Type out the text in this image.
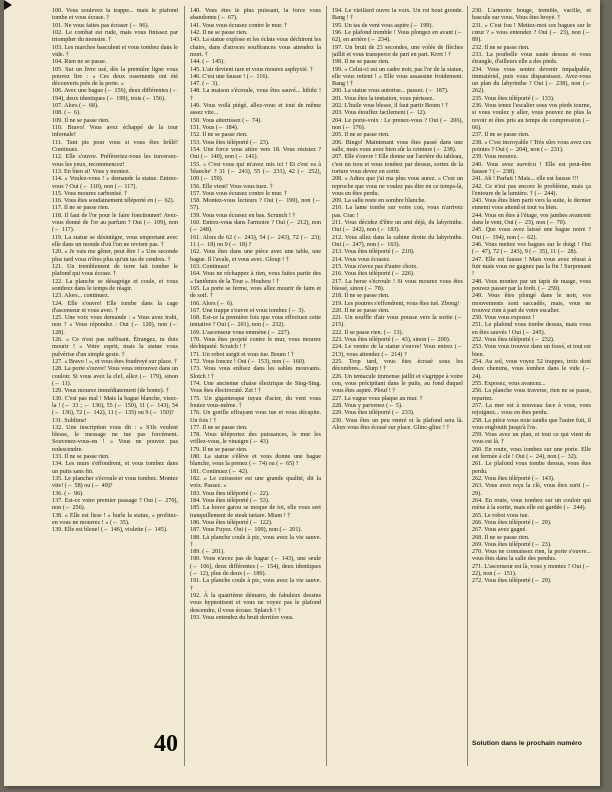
100. Vous soulevez la trappe... mais le plafond tombe et vous écrase. †

101. Ne vous faites pas écraser (← 96).

102. Le combat est rude, mais vous finissez par triompher du monstre. †

103. Les marches basculent et vous tombez dans le vide. †

104. Rien ne se passe.

105. Sur un livre usé, dès la première ligne vous pouvez lire : « Ces deux ossements ont été découverts près de la porte. »

106. Avec une bague (← 156), deux différentes (← 194), deux identiques (← 199), trois (← 156).

107. Alors (← 68).

108. (← 6).

109. Il ne se passe rien.

110. Bravo! Vous avez échappé de la tour infernale!

111. Tant pis pour vous si vous êtes brûlé! Continuez.

112. Elle s'ouvre. Préfèreriez-vous les traversez-vous les yeux, recommencez!

113. En bien si! Vous y montez.

114. « Voulez-vous ! » demande la statue. Entrez-vous ? Oui (← 110), non (← 117).

115. Vous mourez carbonisé. †

116. Vous êtes soudainement téléporté en (← 62).

117. Il ne se passe rien.

118. Il faut de l'or pour le faire fonctionner! Avez-vous donné de l'or au parfum ? Oui (← 109), non (← 117).

119. La statue se désintègre, vous emportant avec elle dans un monde d'où l'on ne revient pas. †

120. « Je vais me gêner, peut être ! » Une seconde plus tard vous n'êtes plus qu'un tas de cendres. †

121. Un tremblement de terre fait tomber le plafond qui vous écrase. †

122. La planche se désagrège et coule, et vous sombrez dans le temps de réagir.

123. Alors... continuez.

124. Elle s'ouvre! Elle tombe dans la cage d'ascenseur et vous avec. †

125. Une voix vous demande : « Vous avez trahi, non ? » Vous répondez : Oui (← 120), non (← 128).

126. « Ce n'est pas suffisant. Étrangez, tu dois mourir ! » Votre esprit, mais la statue vous pulvérise d'un simple geste. †

127. « Bravo ! », et vous êtes foudroyé sur place. †

128. La porte s'ouvre! Vous vous retrouvez dans un couloir. Si vous avez la clef, allez (← 179), sinon (← 11).

129. Vous mourez immédiatement (de honte). †

130. C'est pas mal ! Mais la bague blanche, visez-la ! (← 33 ; ← 136), 55 (← 150), 11 (← 143), 54 (← 136), 72 (← 142), 11 (← 135) ou 9 (← 150)?

131. Sublime!

132. Une inscription vous dit : « S'ils veulent blesse, le message ne tue pas forcément. Souvenez-vous-en ! » Vous ne pouvez pas redescendre.

133. Il ne se passe rien.

134. Les murs s'effondrent, et vous tombez dans un puits sans fin.

135. Le plancher s'écroule et vous tombez. Montez vite! (← 58) ou (← 49)?

136. (← 96).

137. Est-ce votre premier passage ? Oui (← 270), non (← 256).

138. « Elle est lisse ! » hurle la statue, « profitez-en vous ne mourrez ! » (← 35).

139. Elle est bleue! (← 146), violette (← 145).

140. Vous êtes le plus puissant, la force vous abandonne (← 67).

141. Vous vous écrasez contre le mur. †

142. Il ne se passe rien.

143. La statue explose et les éclats vous déchirent les chairs, dans d'atroces souffrances vous attendez la mort. †

144. (← 145).

145. L'air devient rare et vous mourez asphyxié. †

146. C'est une fausse ! (← 116).

147. (← 3).

148. La maison s'écroule, vous êtes sauvé... hihihi ! †

149. Vous voilà piégé, allez-vous et tout de même assez vite...

150. Vous atterrissez (← 74).

151. Vous (← 184).

152. Il ne se passe rien.

153. Vous êtes téléporté (← 23).

154. Une force vous attire vers 18. Vous résistez ? Oui (← 140), non (← 141).

155. « C'est vous qui m'avez mis ici ! Et c'est va à 'blanche' ? 31 (← 243), 55 (← 231), 42 (← 252), 109 (← 159).

156. Elle vient! Vous vous tuez. †

157. Vous vous écrasez contre le mur. †

158. Montez-vous lecteurs ? Oui (← 199), non (← 57).

159. Vous vous écrasez en bas. Scrunch ! †

160. Entrez-vous dans l'armoire ? Oui (← 212), non (← 248).

161. Alors de 62 (← 243), 54 (← 243), 72 (← 23); 11 (← 18) ou 9 (← 18) ?

162. Vous êtes dans une pièce avec une table, une bague. Il l'avale, et vous avec. Gloup ! †

163. Continuez!

164. Vous ne réchappez à rien, vous faites partie des « fantômes de la Tour ». Houhou ! †

165. La porte se ferme, vous allez mourir de faim et de soif. †

166. Alors (← 6).

167. Une trappe s'ouvre et vous tombez (← 3).

168. Est-ce la première fois que vous effectuez cette tentative ? Oui (← 201), non (← 232).

169. L'ascenseur vous emmène (← 227).

170. Vous êtes projeté contre le mur, vous mourez déchiqueté. Scratch ! †

171. Un robot surgit et vous tue. Boum ! †

172. Vous foncez ! Oui (← 153), non (← 160).

173. Vous vous enlisez dans les sables mouvants. Slotch ! †

174. Une ancienne chaise électrique de Sing-Sing. Vous êtes électrocuté. Zzt ! †

175. Un gigantesque tuyau d'acier, du vent vous foutez vous-même. †

176. Un gorille effrayant vous tue et vous décapite. Un fois ! †

177. Il ne se passe rien.

178. Vous téléportez des puissances, le mur les vrillez-vous, le vinaigre (← 43).

179. Il ne se passe rien.

180. La statue s'élève et vous donne une bague blanche, vous la prenez (← 74) ou (← 65) ?

181. Continuez (← 42).

182. « Le cuirassier est une grande qualité, dit la voix. Passez. »

183. Vous êtes téléporté (← 22).

184. Vous êtes téléporté (← 53).

185. La louve garou se moque de toi, elle vous sert tranquillement de steak tartare. Miam ! †

186. Vous êtes téléporté (← 122).

187. Vous Fuyez. Oui (← 109), non (← 201).

188. Là planche coule à pic, vous avez la vie sauve. †

189. (← 201).

190. Vous n'avez pas de bague (← 143), une seule (← 106), deux différentes (← 154), deux identiques (← 12), plus de deux (← 189).

191. La planche coule à pic, vous avez la vie sauve. †

192. À la quatrième démarre, de fabuleux dessins vous hypnotisent et vous ne voyez pas le plafond descendre, il vous écrase. Splatch ! †

193. Vous entendez du bruit derrière vous.

194. Le vieillard ouvre la voix. Un roi bout gronde. Bang ! †

195. Un tas de vent vous aspire (← 199).

196. Le plafond tremble ! Vous plongez en avant (← 62), en arrière (← 234).

197. Un bruit de 23 secondes, une volée de flèches jaillit et vous transperce de part en part. Krrrt ! †

198. Il ne se passe rien.

199. « Celui-ci est un cadre noir, pas l'or de la statue, elle vous retient ! » Elle vous assassine froidement. Bang ! †

200. La statue vous autorise... passez. (← 187).

201. Vous êtes la tentation, vous périssez.

202. L'huile vous blesse, il faut partir Boum ! †

203. Vous étouffez facilement (← 12).

204. Le porte-voix : Le prenez-vous ? Oui (← 206), non (← 176).

205. Il ne se passe rien.

206. Bingo! Maintenant vous êtes passé dans une salle, mais vous avez bien sûr la ceinture (← 238).

207. Elle s'ouvre ! Elle donne sur l'arrière du tableau, c'est un trou et vous tombez par dessus, sortez de la torture vous devez en sortir.

208. « Adieu que j'ai ma plus vous aurez. » C'est un reproche que vous ne voulez pas dire en ce temps-là, vous en êtes perdu.

209. La salle reste en sombre blanche.

210. La lame tombe sur votre cou, vous n'arrivez pas. Crac !

211. Vous décidez d'être un ami déjà, du labyrinthe. Oui (← 242), non (← 183).

212. Vous allez dans la cabine droite du labyrinthe. Oui (← 247), non (← 163).

213. Vous êtes téléporté (← 210).

214. Vous vous écrasez.

215. Vous n'avez pas d'autre choix.

216. Vous êtes téléporté (← 226).

217. La herse s'écroule ! Si vous mourez vous êtes blessé, sinon (← 78).

218. Il ne se passe rien.

219. Les poutres s'effondrent, vous êtes tué. Zbong!

220. Il ne se passe rien.

221. Un souffle d'air vous pousse vers la sortie (← 215).

222. Il se passe rien. (← 13).

223. Vous êtes téléporté (← 43), sinon (← 200).

224. Le ventre de la statue s'ouvre! Vous entrez (← 213), vous attendez (← 214) ?

225. Trop tard, vous êtes écrasé sous les décombres... Slurp ! †

226. Un tentacule immense jaillit et s'agrippe à votre cou, vous précipitant dans le puits, au fond duquel vous êtes aspiré. Plouf ! †

227. La vague vous plaque au mur. †

228. Vous y parvenez (← 5).

229. Vous êtes téléporté (← 233).

230. Vous êtes un peu rentré et la plafond sera là. Alors vous êtes écrasé sur place. Glinc-glinc ! †

230. L'armoire bouge, tremble, vacille, et bascule sur vous. Vous êtes broyé. †

231. « C'est fou ! Mettez-moi ces bagues sur le cœur ? » vous entendez ? Oui (← 23), non (← 89).

232. Il ne se passe rien.

233. La poubelle vous saute dessus et vous étrangle, d'ailleurs elle a des pieds.

234. Vous vous sentez devenir impalpable, immatériel, puis vous disparaissez. Avez-vous un plan du labyrinthe ? Oui (← 238), non (← 262).

235. Vous êtes téléporté (← 133).

236. Vous tenez l'escalier sous vos pieds tourne, si vous voulez y aller, vous pouvez ne plus la revoir et êtes pris au temps de compression (← 66).

237. Il ne se passe rien.

238. « C'est incroyable ! Très sûrs vous avez ces pointes ? Oui (← 204), non (← 231).

239. Vous mourez.

240. Vous avez survécu ! Elle est peut-être fausse ? (← 238).

241. Ah ! Parfait ! Mais... elle est fausse !!!

242. Ce n'est pas encore le problème, mais ça l'entoure de la lumière. † (← 244).

243. Vous êtes bien parti vers la suite, le dernier ennemi vous attend et tout va bien.

244. Vous en êtes à l'étage, vos jambes avancent dans le vent, Oui (← 23), non (← 70).

245. Que vous avez laissé une bague noire ? Oui (← 194), non (← 62).

246. Vous mettez vos bagues sur le doigt ! Oui (← 47), 72 (← 243), 9 (← 35), 11 (← 28).

247. Elle est fausse ! Mais vous avez réussi à fuir mais vous ne gagnez pas la fin ! Surprenant !

248. Vous montez par un tapis de nuage, vous pouvez passer par la forêt. (← 259).

249. Vous êtes plongé dans le noir, vos mouvements sont saccadés, mais, vous ne trouvez rien à part de votre escalier.

250. Vous vous exposez !

251. Le plafond vous tombe dessus, mais vous en êtes sauvés ! Oui (← 245).

252. Vous êtes téléporté (← 232).

253. Vous vous trouvez dans un fossé, et tout est bien.

254. Au sol, vous voyez 52 trappes, trois dont deux chemins, vous tombez dans le vide (← 24).

255. Exposez, vous avancez...

256. La planche vous traverse, rien ne se passe, repartez.

257. La mer est à nouveau face à vous, vous rejoignez... vous en êtes perdu.

258. La pièce vous noie tandis que l'autre fuit, il vous engloutit jusqu'à l'os.

259. Vous avez un plan, et tout ce qui vient de vous est là. †

260. En route, vous tombez sur une porte. Elle est fermée à clé ! Oui (← 24), non (← 32).

261. Le plafond vous tombe dessus, vous êtes perdu.

262. Vous êtes téléporté (← 143).

263. Vous avez reçu la clé, vous êtes sorti (← 29).

264. En route, vous tombez sur un couloir qui mène à la sortie, mais elle est gardée (← 244).

265. Le robot vous tue.

266. Vous êtes téléporté (← 29).

267. Vous avez gagné.

268. Il ne se passe rien.

269. Vous êtes téléporté (← 23).

270. Vous ne connaissez rien, la porte s'ouvre... vous êtes dans la salle des pendus.

271. L'ascenseur est là, vous y montez ? Oui (← 22), non (← 151).

272. Vous êtes téléporté (← 29).

40	Solution dans le prochain numéro
